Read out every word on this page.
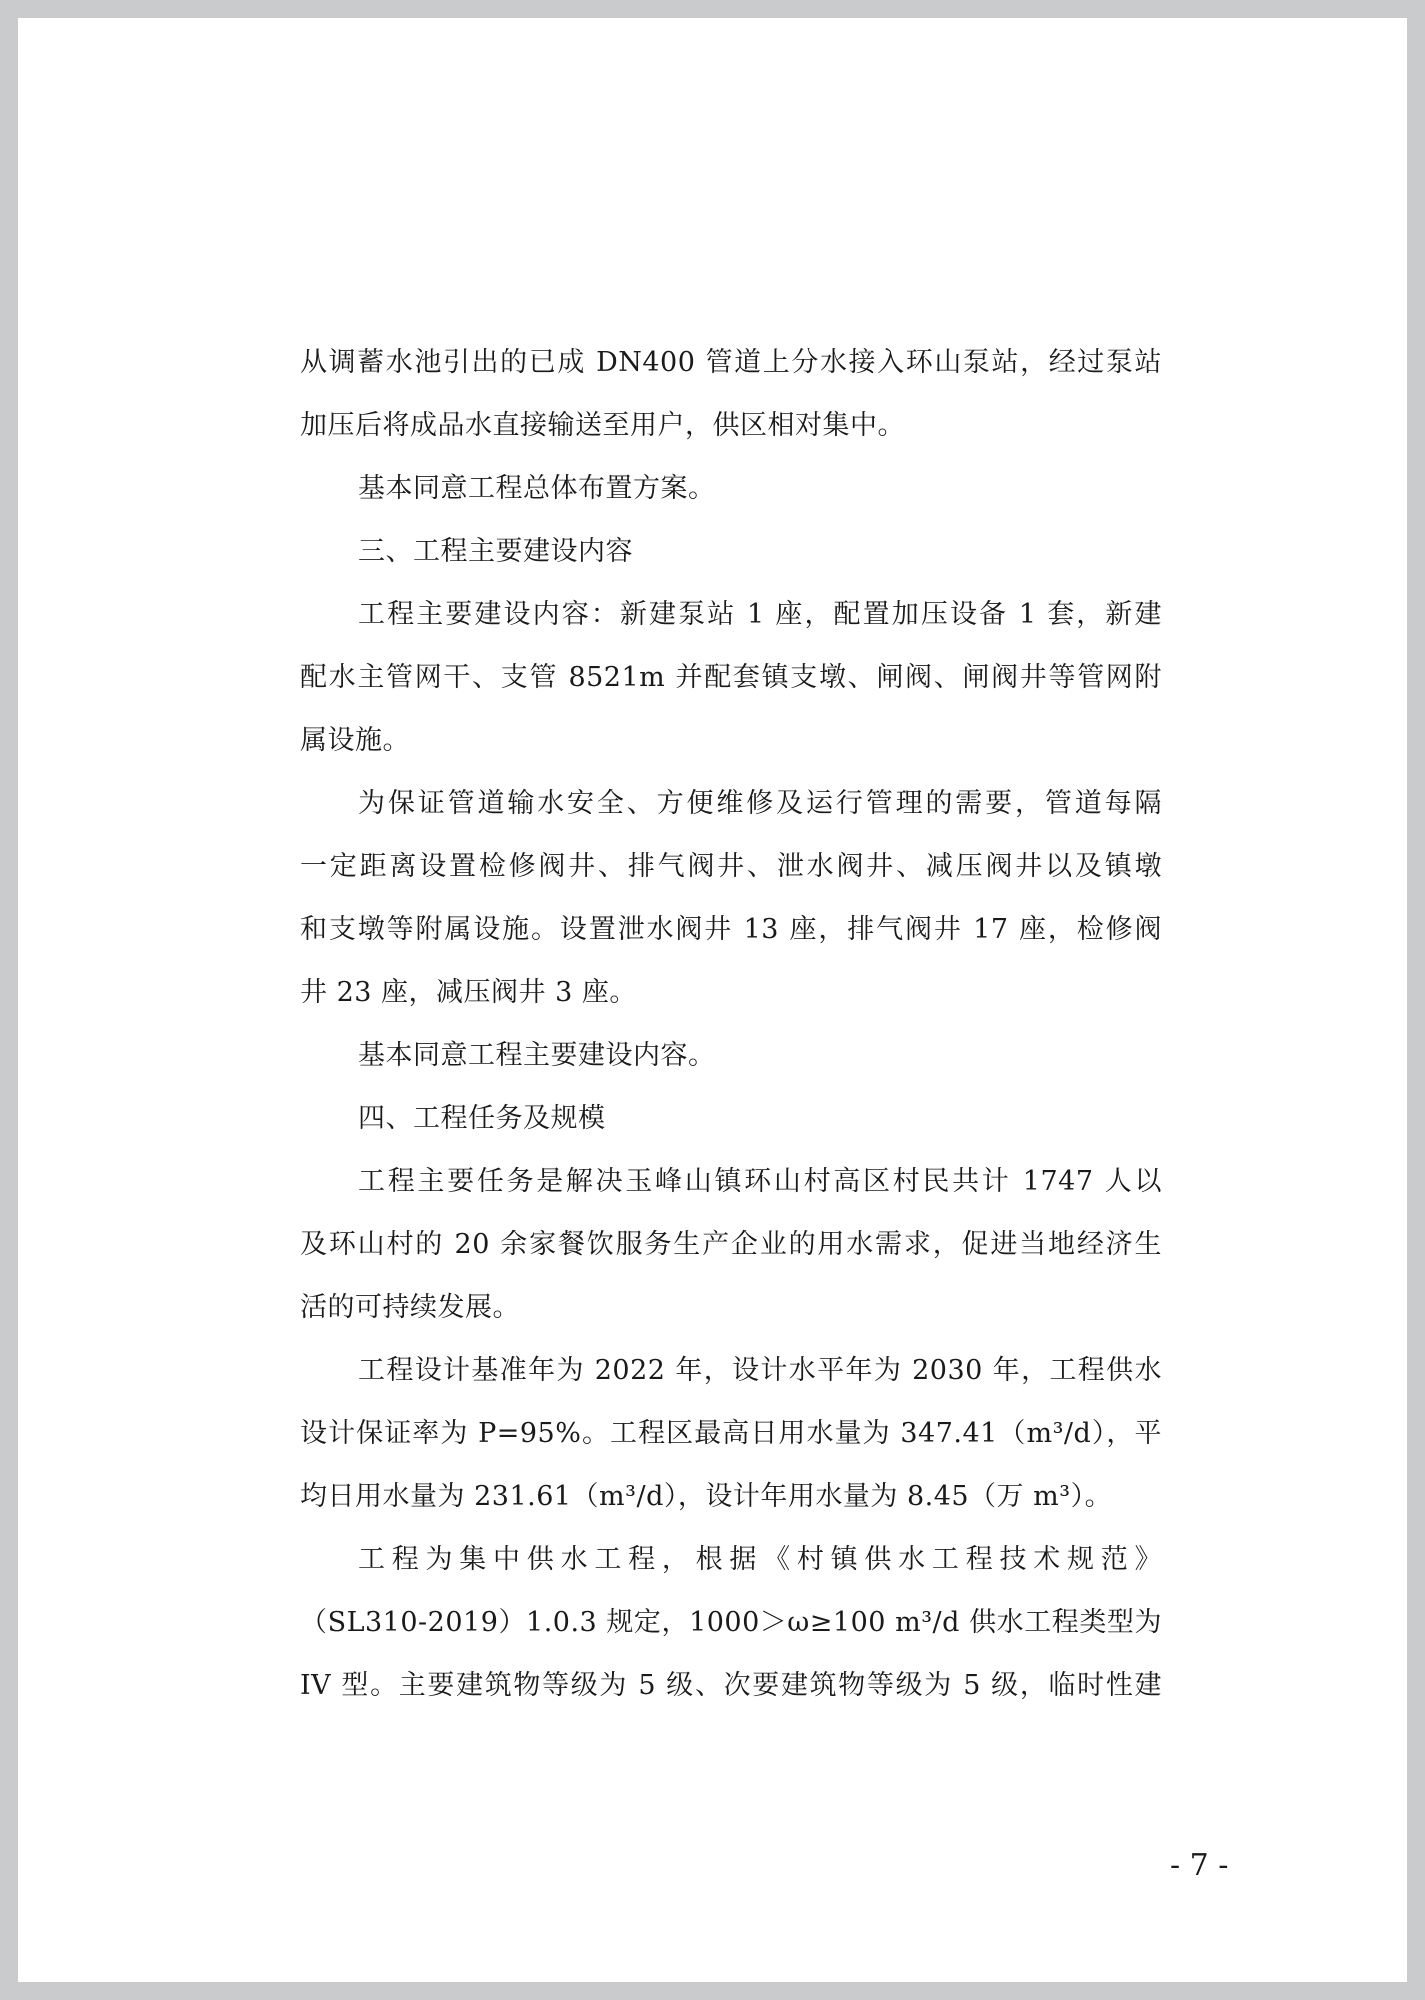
从调蓄水池引出的已成 DN400 管道上分水接入环山泵站，经过泵站
加压后将成品水直接输送至用户，供区相对集中。
基本同意工程总体布置方案。
三、工程主要建设内容
工程主要建设内容：新建泵站 1 座，配置加压设备 1 套，新建
配水主管网干、支管 8521m 并配套镇支墩、闸阀、闸阀井等管网附
属设施。
为保证管道输水安全、方便维修及运行管理的需要，管道每隔
一定距离设置检修阀井、排气阀井、泄水阀井、减压阀井以及镇墩
和支墩等附属设施。设置泄水阀井 13 座，排气阀井 17 座，检修阀
井 23 座，减压阀井 3 座。
基本同意工程主要建设内容。
四、工程任务及规模
工程主要任务是解决玉峰山镇环山村高区村民共计 1747 人以
及环山村的 20 余家餐饮服务生产企业的用水需求，促进当地经济生
活的可持续发展。
工程设计基准年为 2022 年，设计水平年为 2030 年，工程供水
设计保证率为 P=95%。工程区最高日用水量为 347.41（m³/d），平
均日用水量为 231.61（m³/d），设计年用水量为 8.45（万 m³）。
工程为集中供水工程，根据《村镇供水工程技术规范》
（SL310-2019）1.0.3 规定，1000＞ω≥100 m³/d 供水工程类型为
IV 型。主要建筑物等级为 5 级、次要建筑物等级为 5 级，临时性建
- 7 -
